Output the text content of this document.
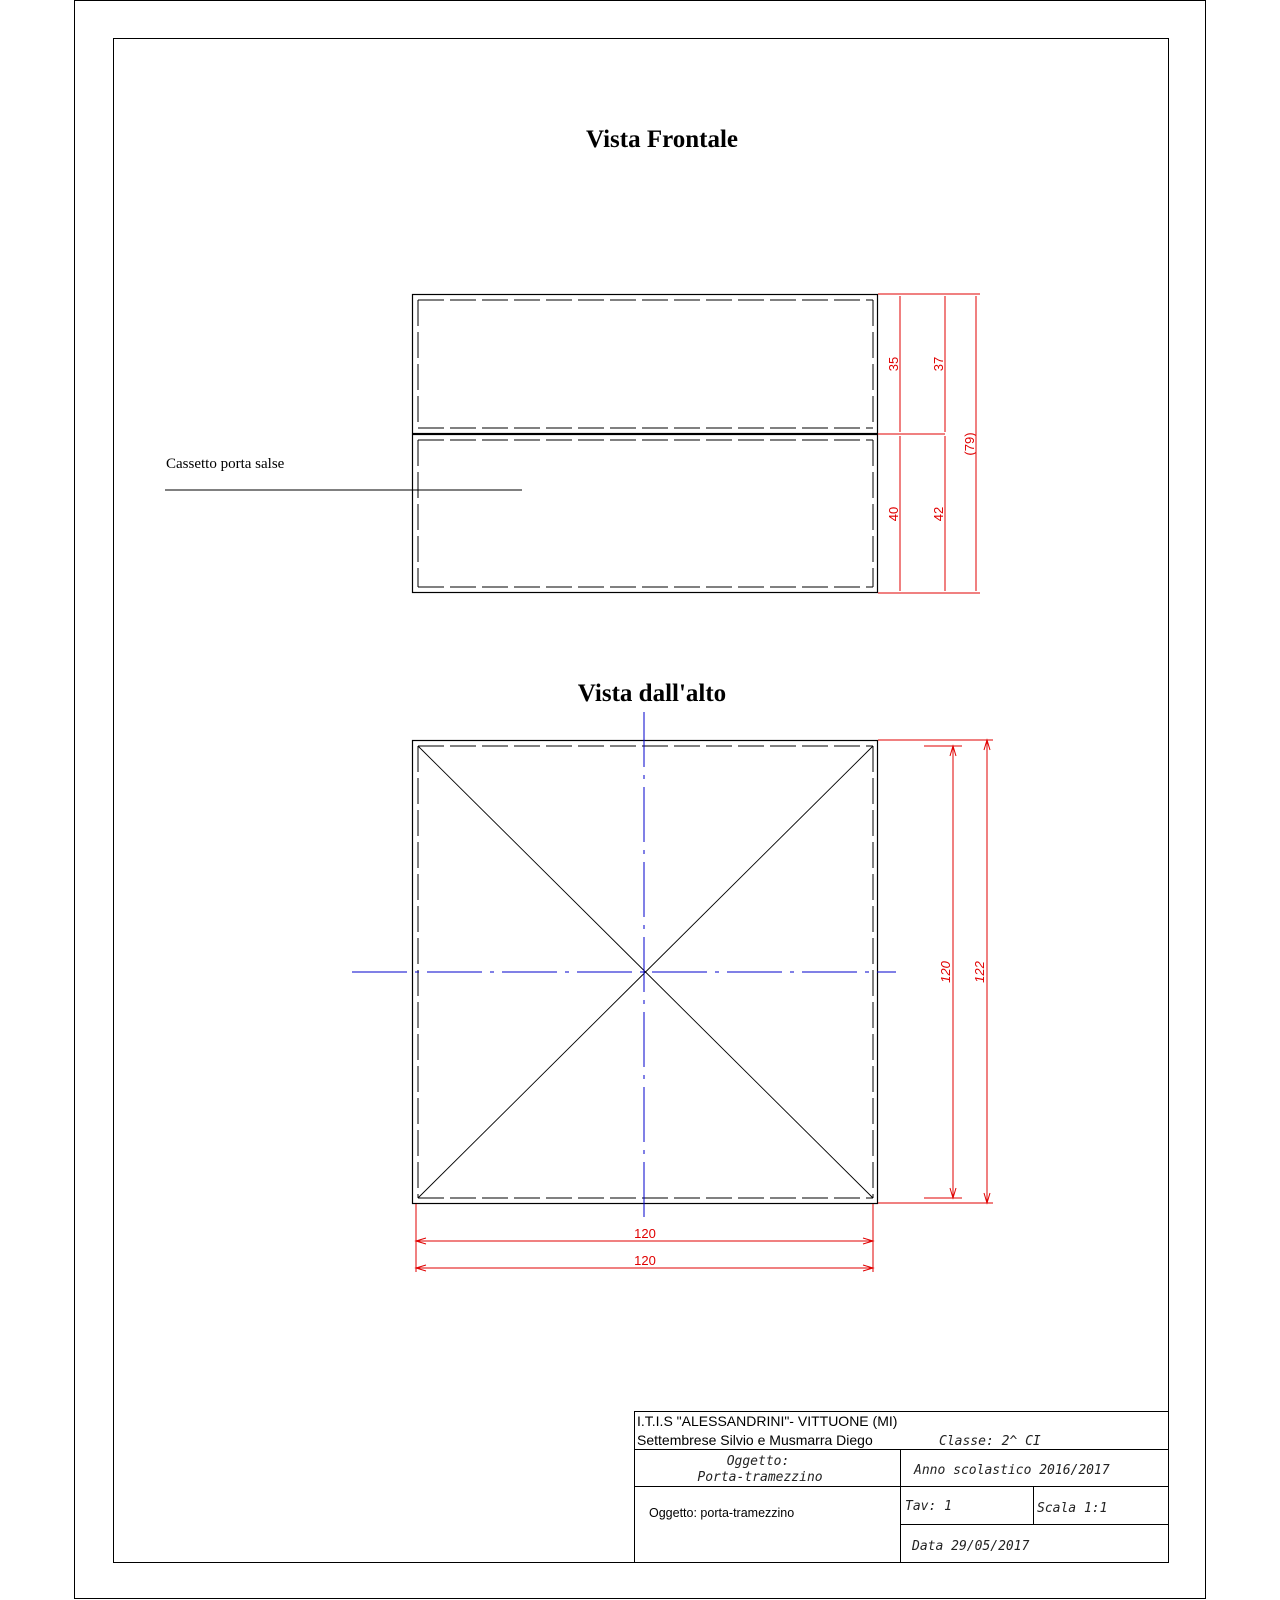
Vista Frontale
Vista dall'alto
Cassetto porta salse
35 37
(79)
40 42
120 122
120
120
I.T.I.S "ALESSANDRINI"- VITTUONE (MI)
Settembrese Silvio e Musmarra Diego	Classe: 2^ CI
Oggetto:
Porta-tramezzino	Anno scolastico 2016/2017
Oggetto: porta-tramezzino	Tav: 1	Scala 1:1
Data 29/05/2017
